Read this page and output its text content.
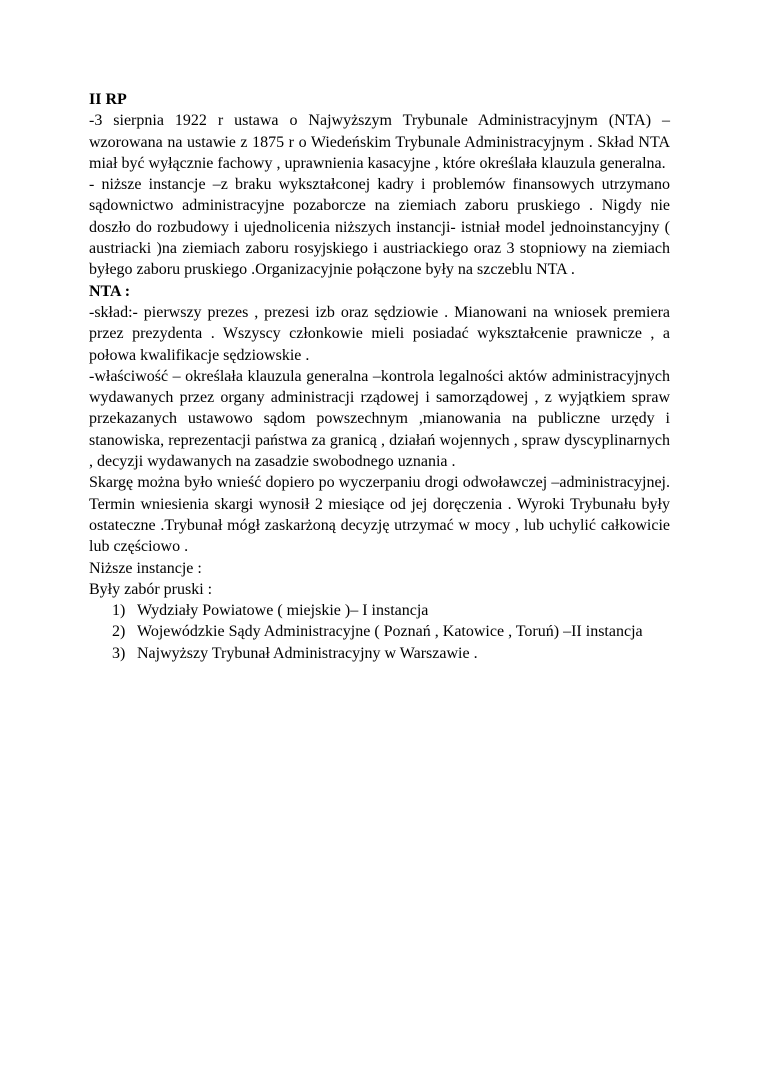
II RP

-3 sierpnia 1922 r ustawa o Najwyższym Trybunale Administracyjnym (NTA) –wzorowana na ustawie z 1875 r o Wiedeńskim Trybunale Administracyjnym . Skład NTA miał być wyłącznie fachowy , uprawnienia kasacyjne , które określała klauzula generalna.

- niższe instancje –z braku wykształconej kadry i problemów finansowych utrzymano sądownictwo administracyjne pozaborcze na ziemiach zaboru pruskiego . Nigdy nie doszło do rozbudowy i ujednolicenia niższych instancji- istniał model jednoinstancyjny ( austriacki )na ziemiach zaboru rosyjskiego i austriackiego oraz 3 stopniowy na ziemiach byłego zaboru pruskiego .Organizacyjnie połączone były na szczeblu NTA .

NTA :

-skład:- pierwszy prezes , prezesi izb oraz sędziowie . Mianowani na wniosek premiera przez prezydenta . Wszyscy członkowie mieli posiadać wykształcenie prawnicze , a połowa kwalifikacje sędziowskie .

-właściwość – określała klauzula generalna –kontrola legalności aktów administracyjnych wydawanych przez organy administracji rządowej i samorządowej , z wyjątkiem spraw przekazanych ustawowo sądom powszechnym ,mianowania na publiczne urzędy i stanowiska, reprezentacji państwa za granicą , działań wojennych , spraw dyscyplinarnych , decyzji wydawanych na zasadzie swobodnego uznania .

Skargę można było wnieść dopiero po wyczerpaniu drogi odwoławczej –administracyjnej. Termin wniesienia skargi wynosił 2 miesiące od jej doręczenia . Wyroki Trybunału były ostateczne .Trybunał mógł zaskarżoną decyzję utrzymać w mocy , lub uchylić całkowicie lub częściowo .

Niższe instancje :

Były zabór pruski :

1) Wydziały Powiatowe ( miejskie )– I instancja
2) Wojewódzkie Sądy Administracyjne ( Poznań , Katowice , Toruń) –II instancja
3) Najwyższy Trybunał Administracyjny w Warszawie .
